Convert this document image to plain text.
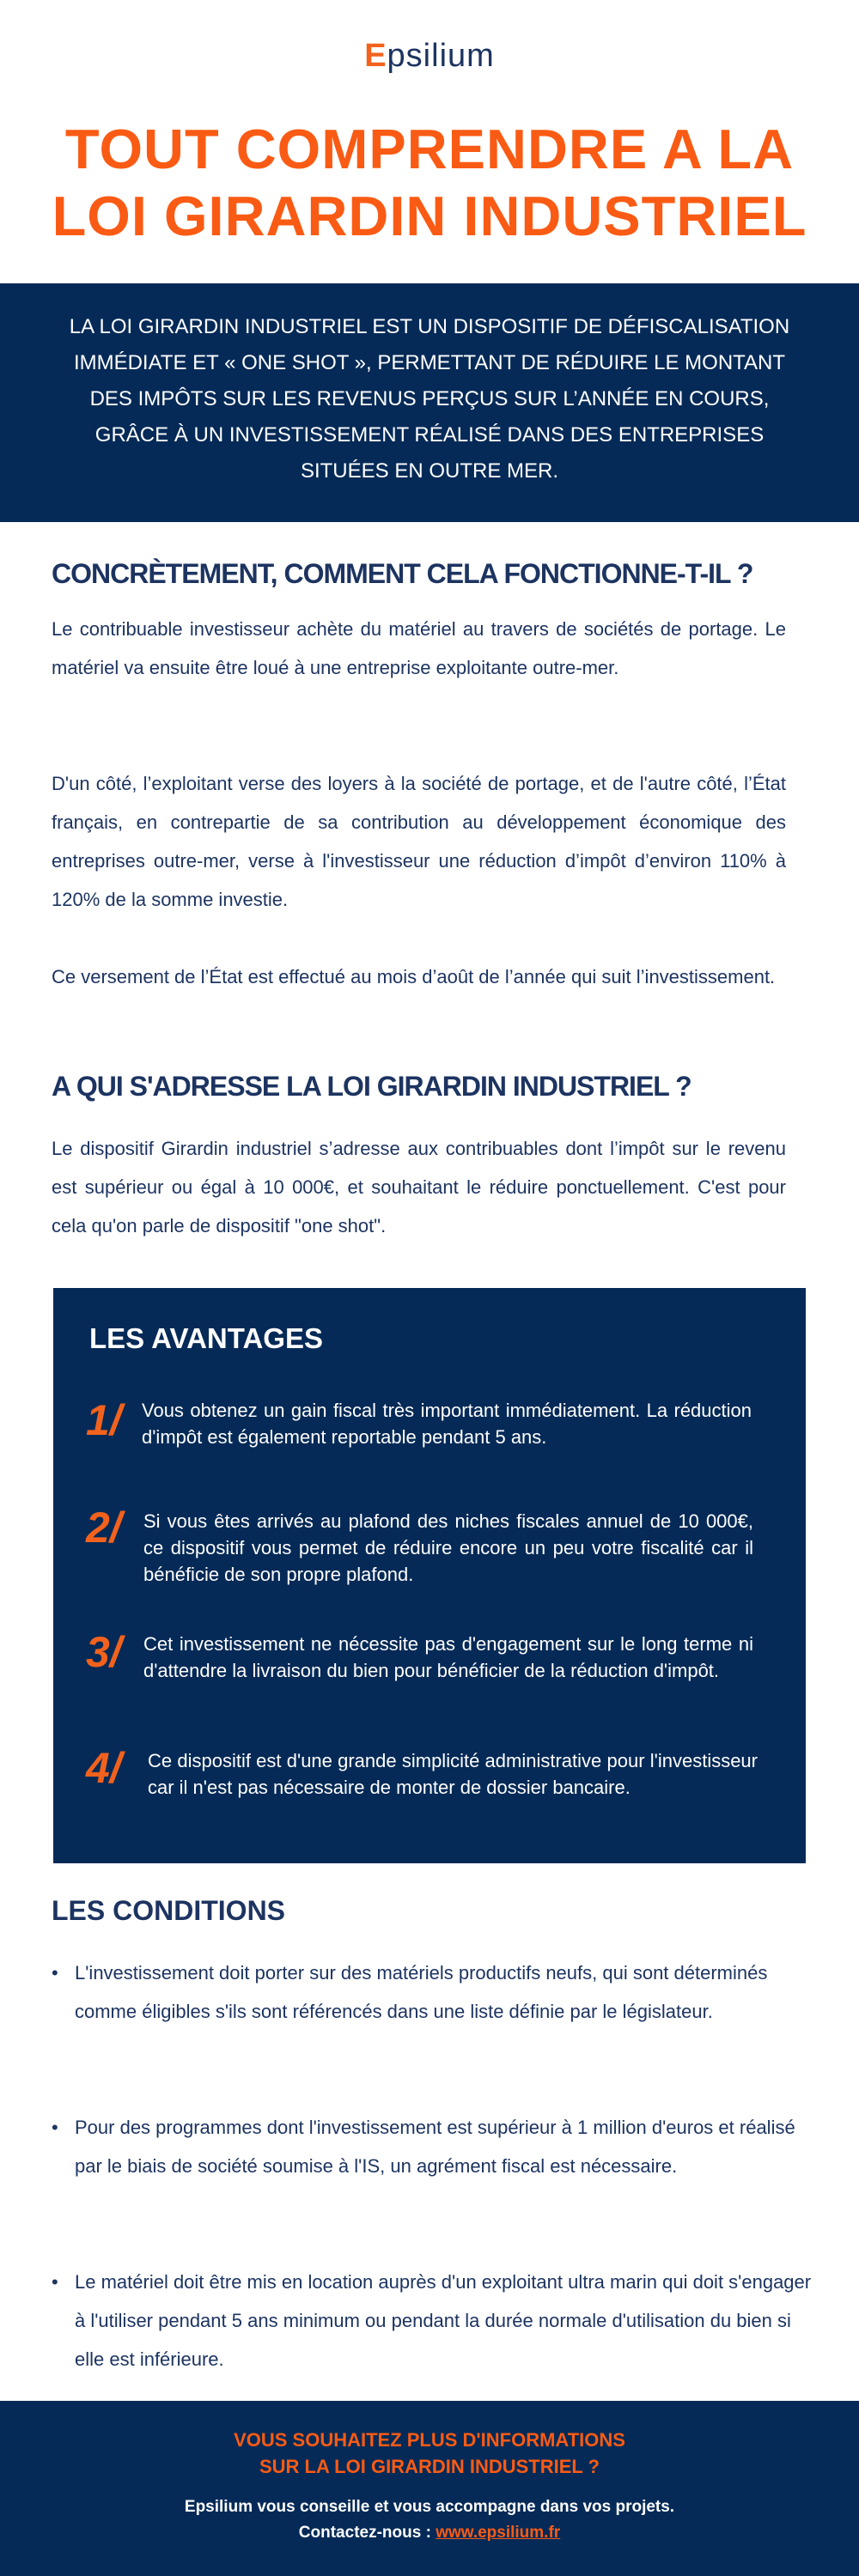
Epsilium
TOUT COMPRENDRE A LA
LOI GIRARDIN INDUSTRIEL
LA LOI GIRARDIN INDUSTRIEL EST UN DISPOSITIF DE DÉFISCALISATION IMMÉDIATE ET « ONE SHOT », PERMETTANT DE RÉDUIRE LE MONTANT DES IMPÔTS SUR LES REVENUS PERÇUS SUR L’ANNÉE EN COURS, GRÂCE À UN INVESTISSEMENT RÉALISÉ DANS DES ENTREPRISES SITUÉES EN OUTRE MER.
CONCRÈTEMENT, COMMENT CELA FONCTIONNE-T-IL ?

Le contribuable investisseur achète du matériel au travers de sociétés de portage. Le matériel va ensuite être loué à une entreprise exploitante outre-mer.

D'un côté, l’exploitant verse des loyers à la société de portage, et de l'autre côté, l’État français, en contrepartie de sa contribution au développement économique des entreprises outre-mer, verse à l'investisseur une réduction d’impôt d’environ 110% à 120% de la somme investie.

Ce versement de l’État est effectué au mois d’août de l’année qui suit l’investissement.

A QUI S'ADRESSE LA LOI GIRARDIN INDUSTRIEL ?

Le dispositif Girardin industriel s’adresse aux contribuables dont l’impôt sur le revenu est supérieur ou égal à 10 000€, et souhaitant le réduire ponctuellement. C'est pour cela qu'on parle de dispositif "one shot".

LES AVANTAGES
1/ Vous obtenez un gain fiscal très important immédiatement. La réduction d'impôt est également reportable pendant 5 ans.
2/ Si vous êtes arrivés au plafond des niches fiscales annuel de 10 000€, ce dispositif vous permet de réduire encore un peu votre fiscalité car il bénéficie de son propre plafond.
3/ Cet investissement ne nécessite pas d'engagement sur le long terme ni d'attendre la livraison du bien pour bénéficier de la réduction d'impôt.
4/ Ce dispositif est d'une grande simplicité administrative pour l'investisseur car il n'est pas nécessaire de monter de dossier bancaire.
LES CONDITIONS
• L'investissement doit porter sur des matériels productifs neufs, qui sont déterminés comme éligibles s'ils sont référencés dans une liste définie par le législateur.
• Pour des programmes dont l'investissement est supérieur à 1 million d'euros et réalisé par le biais de société soumise à l'IS, un agrément fiscal est nécessaire.
• Le matériel doit être mis en location auprès d'un exploitant ultra marin qui doit s'engager à l'utiliser pendant 5 ans minimum ou pendant la durée normale d'utilisation du bien si elle est inférieure.
VOUS SOUHAITEZ PLUS D'INFORMATIONS
SUR LA LOI GIRARDIN INDUSTRIEL ?
Epsilium vous conseille et vous accompagne dans vos projets.
Contactez-nous : www.epsilium.fr
